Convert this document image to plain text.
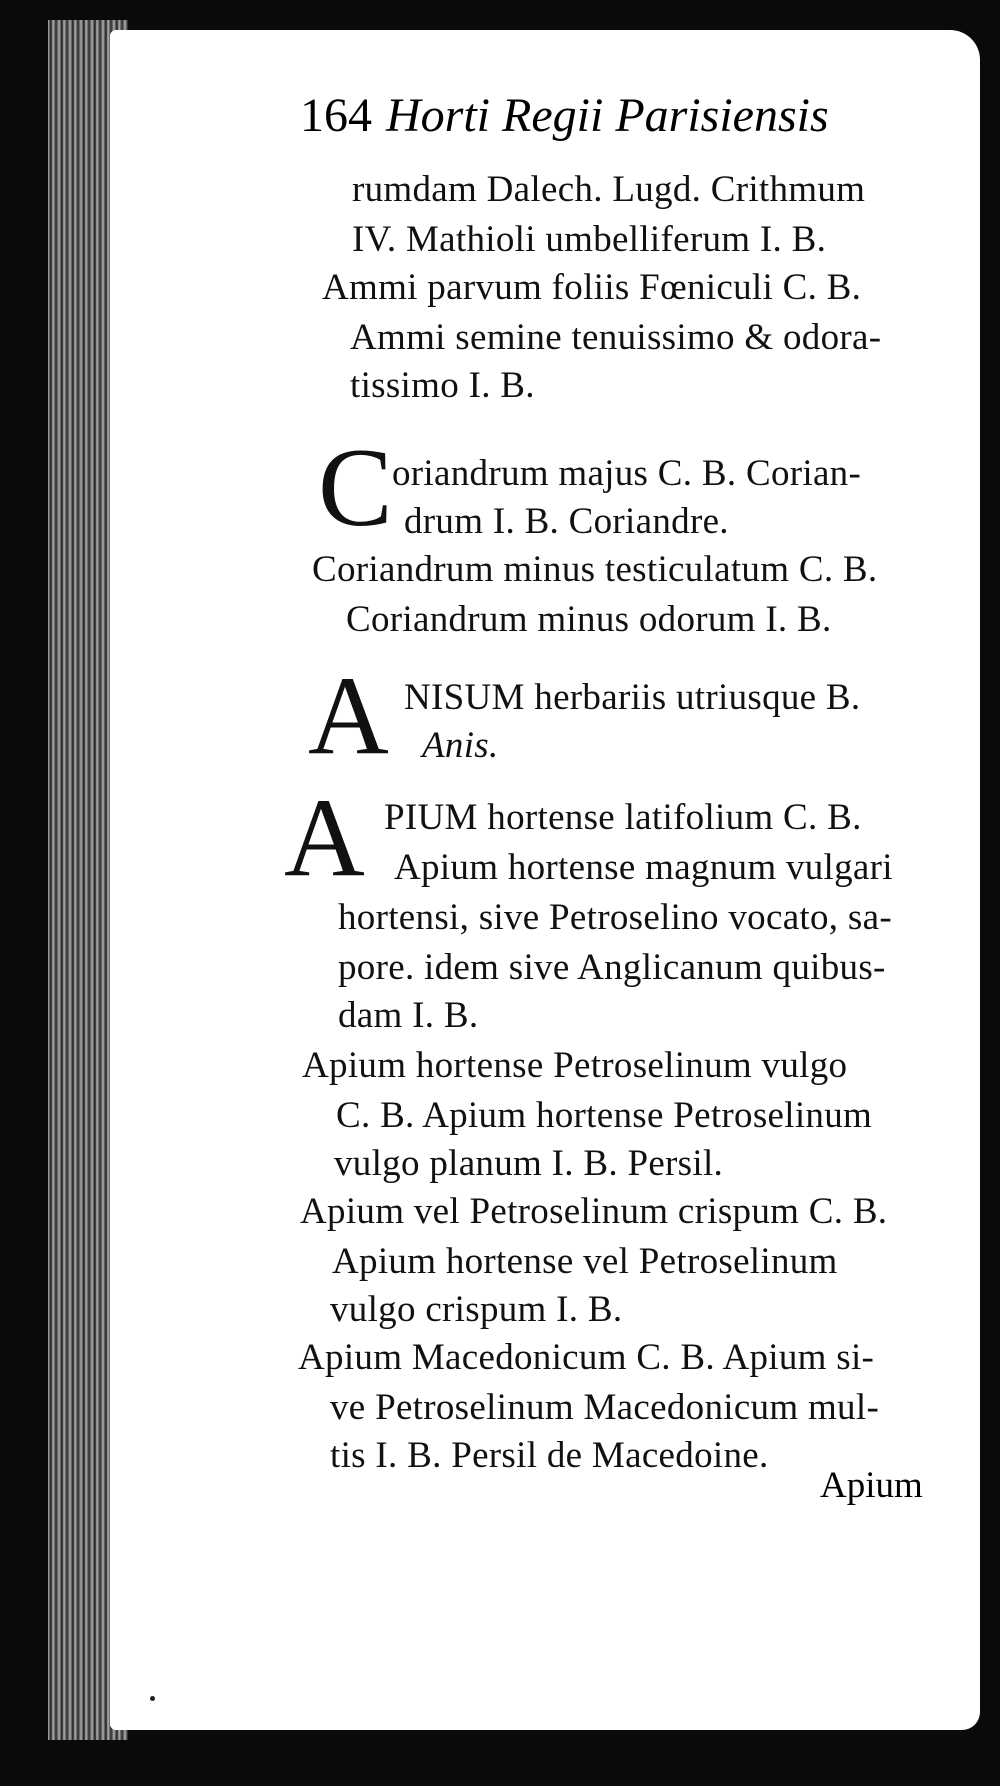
164 Horti Regii Parisiensis
rumdam Dalech. Lugd. Crithmum
IV. Mathioli umbelliferum I. B.
Ammi parvum foliis Fœniculi C. B.
Ammi semine tenuissimo & odora-
tissimo I. B.
C oriandrum majus C. B. Corian-
drum I. B. Coriandre.
Coriandrum minus testiculatum C. B.
Coriandrum minus odorum I. B.
A NISUM herbariis utriusque B.
Anis.
A PIUM hortense latifolium C. B.
Apium hortense magnum vulgari
hortensi, sive Petroselino vocato, sa-
pore. idem sive Anglicanum quibus-
dam I. B.
Apium hortense Petroselinum vulgo
C. B. Apium hortense Petroselinum
vulgo planum I. B. Persil.
Apium vel Petroselinum crispum C. B.
Apium hortense vel Petroselinum
vulgo crispum I. B.
Apium Macedonicum C. B. Apium si-
ve Petroselinum Macedonicum mul-
tis I. B. Persil de Macedoine.
Apium
